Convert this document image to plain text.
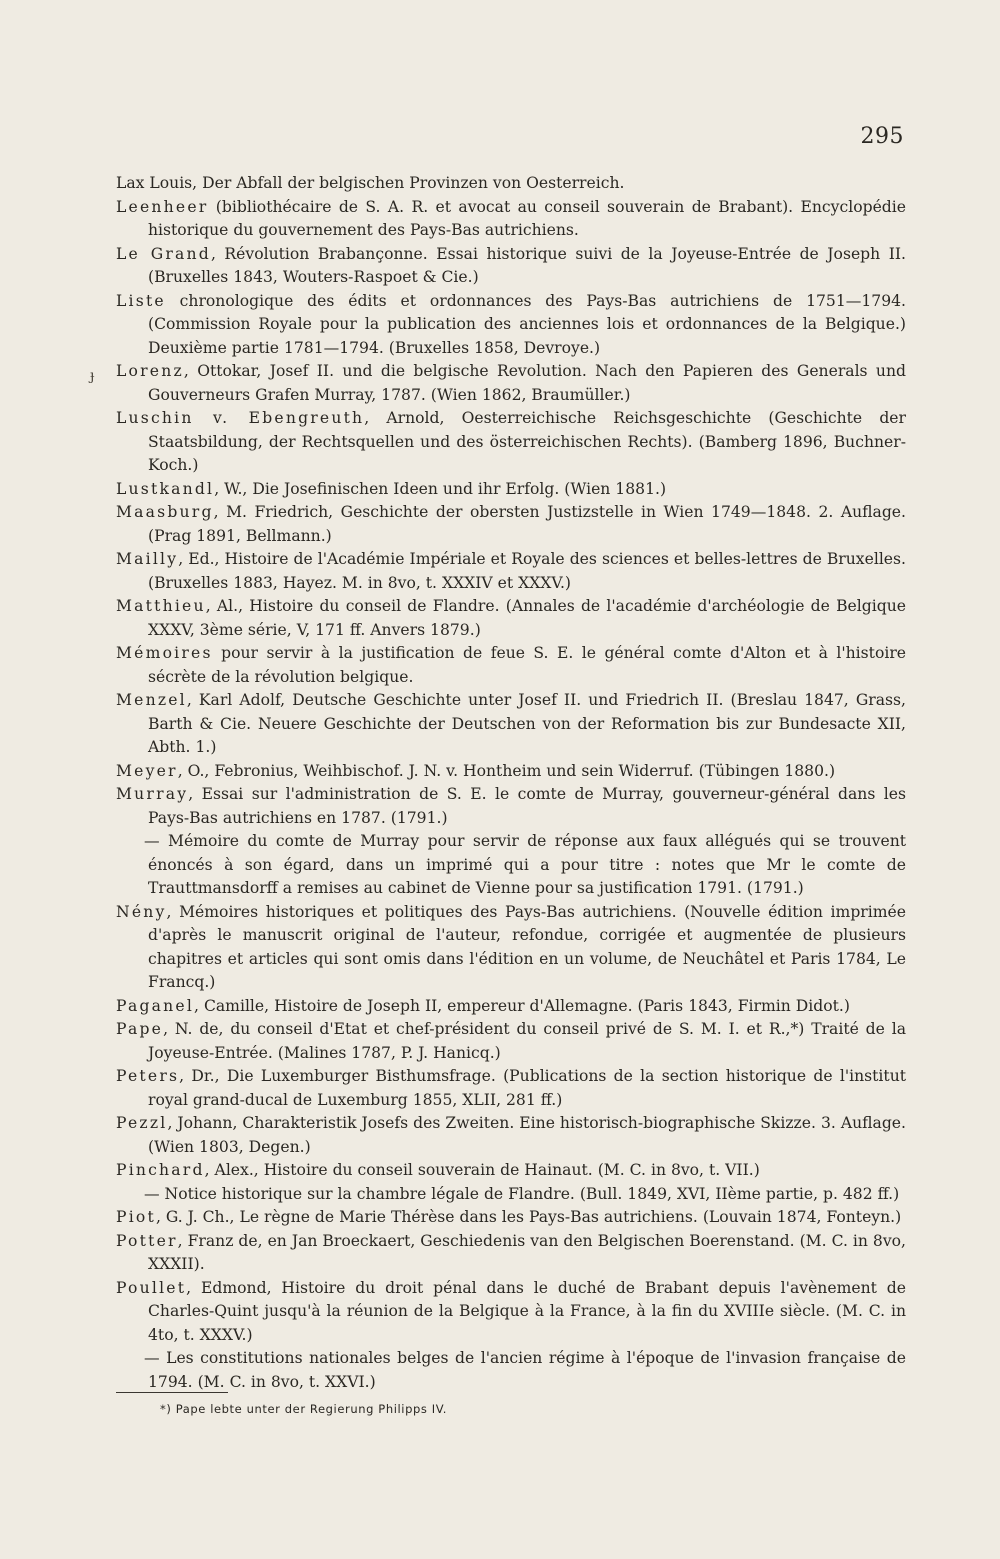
295
ɟ

Lax Louis, Der Abfall der belgischen Provinzen von Oesterreich.

Leenheer (bibliothécaire de S. A. R. et avocat au conseil souverain de Brabant). Encyclopédie historique du gouvernement des Pays-Bas autrichiens.

Le Grand, Révolution Brabançonne. Essai historique suivi de la Joyeuse-Entrée de Joseph II. (Bruxelles 1843, Wouters-Raspoet & Cie.)

Liste chronologique des édits et ordonnances des Pays-Bas autrichiens de 1751—1794. (Commission Royale pour la publication des anciennes lois et ordonnances de la Belgique.) Deuxième partie 1781—1794. (Bruxelles 1858, Devroye.)

Lorenz, Ottokar, Josef II. und die belgische Revolution. Nach den Papieren des Generals und Gouverneurs Grafen Murray, 1787. (Wien 1862, Braumüller.)

Luschin v. Ebengreuth, Arnold, Oesterreichische Reichsgeschichte (Geschichte der Staatsbildung, der Rechtsquellen und des österreichischen Rechts). (Bamberg 1896, Buchner-Koch.)

Lustkandl, W., Die Josefinischen Ideen und ihr Erfolg. (Wien 1881.)

Maasburg, M. Friedrich, Geschichte der obersten Justizstelle in Wien 1749—1848. 2. Auflage. (Prag 1891, Bellmann.)

Mailly, Ed., Histoire de l'Académie Impériale et Royale des sciences et belles-lettres de Bruxelles. (Bruxelles 1883, Hayez. M. in 8vo, t. XXXIV et XXXV.)

Matthieu, Al., Histoire du conseil de Flandre. (Annales de l'académie d'archéologie de Belgique XXXV, 3ème série, V, 171 ff. Anvers 1879.)

Mémoires pour servir à la justification de feue S. E. le général comte d'Alton et à l'histoire sécrète de la révolution belgique.

Menzel, Karl Adolf, Deutsche Geschichte unter Josef II. und Friedrich II. (Breslau 1847, Grass, Barth & Cie. Neuere Geschichte der Deutschen von der Reformation bis zur Bundesacte XII, Abth. 1.)

Meyer, O., Febronius, Weihbischof. J. N. v. Hontheim und sein Widerruf. (Tübingen 1880.)

Murray, Essai sur l'administration de S. E. le comte de Murray, gouverneur-général dans les Pays-Bas autrichiens en 1787. (1791.)

— Mémoire du comte de Murray pour servir de réponse aux faux allégués qui se trouvent énoncés à son égard, dans un imprimé qui a pour titre : notes que Mr le comte de Trauttmansdorff a remises au cabinet de Vienne pour sa justification 1791. (1791.)

Nény, Mémoires historiques et politiques des Pays-Bas autrichiens. (Nouvelle édition imprimée d'après le manuscrit original de l'auteur, refondue, corrigée et augmentée de plusieurs chapitres et articles qui sont omis dans l'édition en un volume, de Neuchâtel et Paris 1784, Le Francq.)

Paganel, Camille, Histoire de Joseph II, empereur d'Allemagne. (Paris 1843, Firmin Didot.)

Pape, N. de, du conseil d'Etat et chef-président du conseil privé de S. M. I. et R.,*) Traité de la Joyeuse-Entrée. (Malines 1787, P. J. Hanicq.)

Peters, Dr., Die Luxemburger Bisthumsfrage. (Publications de la section historique de l'institut royal grand-ducal de Luxemburg 1855, XLII, 281 ff.)

Pezzl, Johann, Charakteristik Josefs des Zweiten. Eine historisch-biographische Skizze. 3. Auflage. (Wien 1803, Degen.)

Pinchard, Alex., Histoire du conseil souverain de Hainaut. (M. C. in 8vo, t. VII.)

— Notice historique sur la chambre légale de Flandre. (Bull. 1849, XVI, IIème partie, p. 482 ff.)

Piot, G. J. Ch., Le règne de Marie Thérèse dans les Pays-Bas autrichiens. (Louvain 1874, Fonteyn.)

Potter, Franz de, en Jan Broeckaert, Geschiedenis van den Belgischen Boerenstand. (M. C. in 8vo, XXXII).

Poullet, Edmond, Histoire du droit pénal dans le duché de Brabant depuis l'avènement de Charles-Quint jusqu'à la réunion de la Belgique à la France, à la fin du XVIIIe siècle. (M. C. in 4to, t. XXXV.)

— Les constitutions nationales belges de l'ancien régime à l'époque de l'invasion française de 1794. (M. C. in 8vo, t. XXVI.)

*) Pape lebte unter der Regierung Philipps IV.
